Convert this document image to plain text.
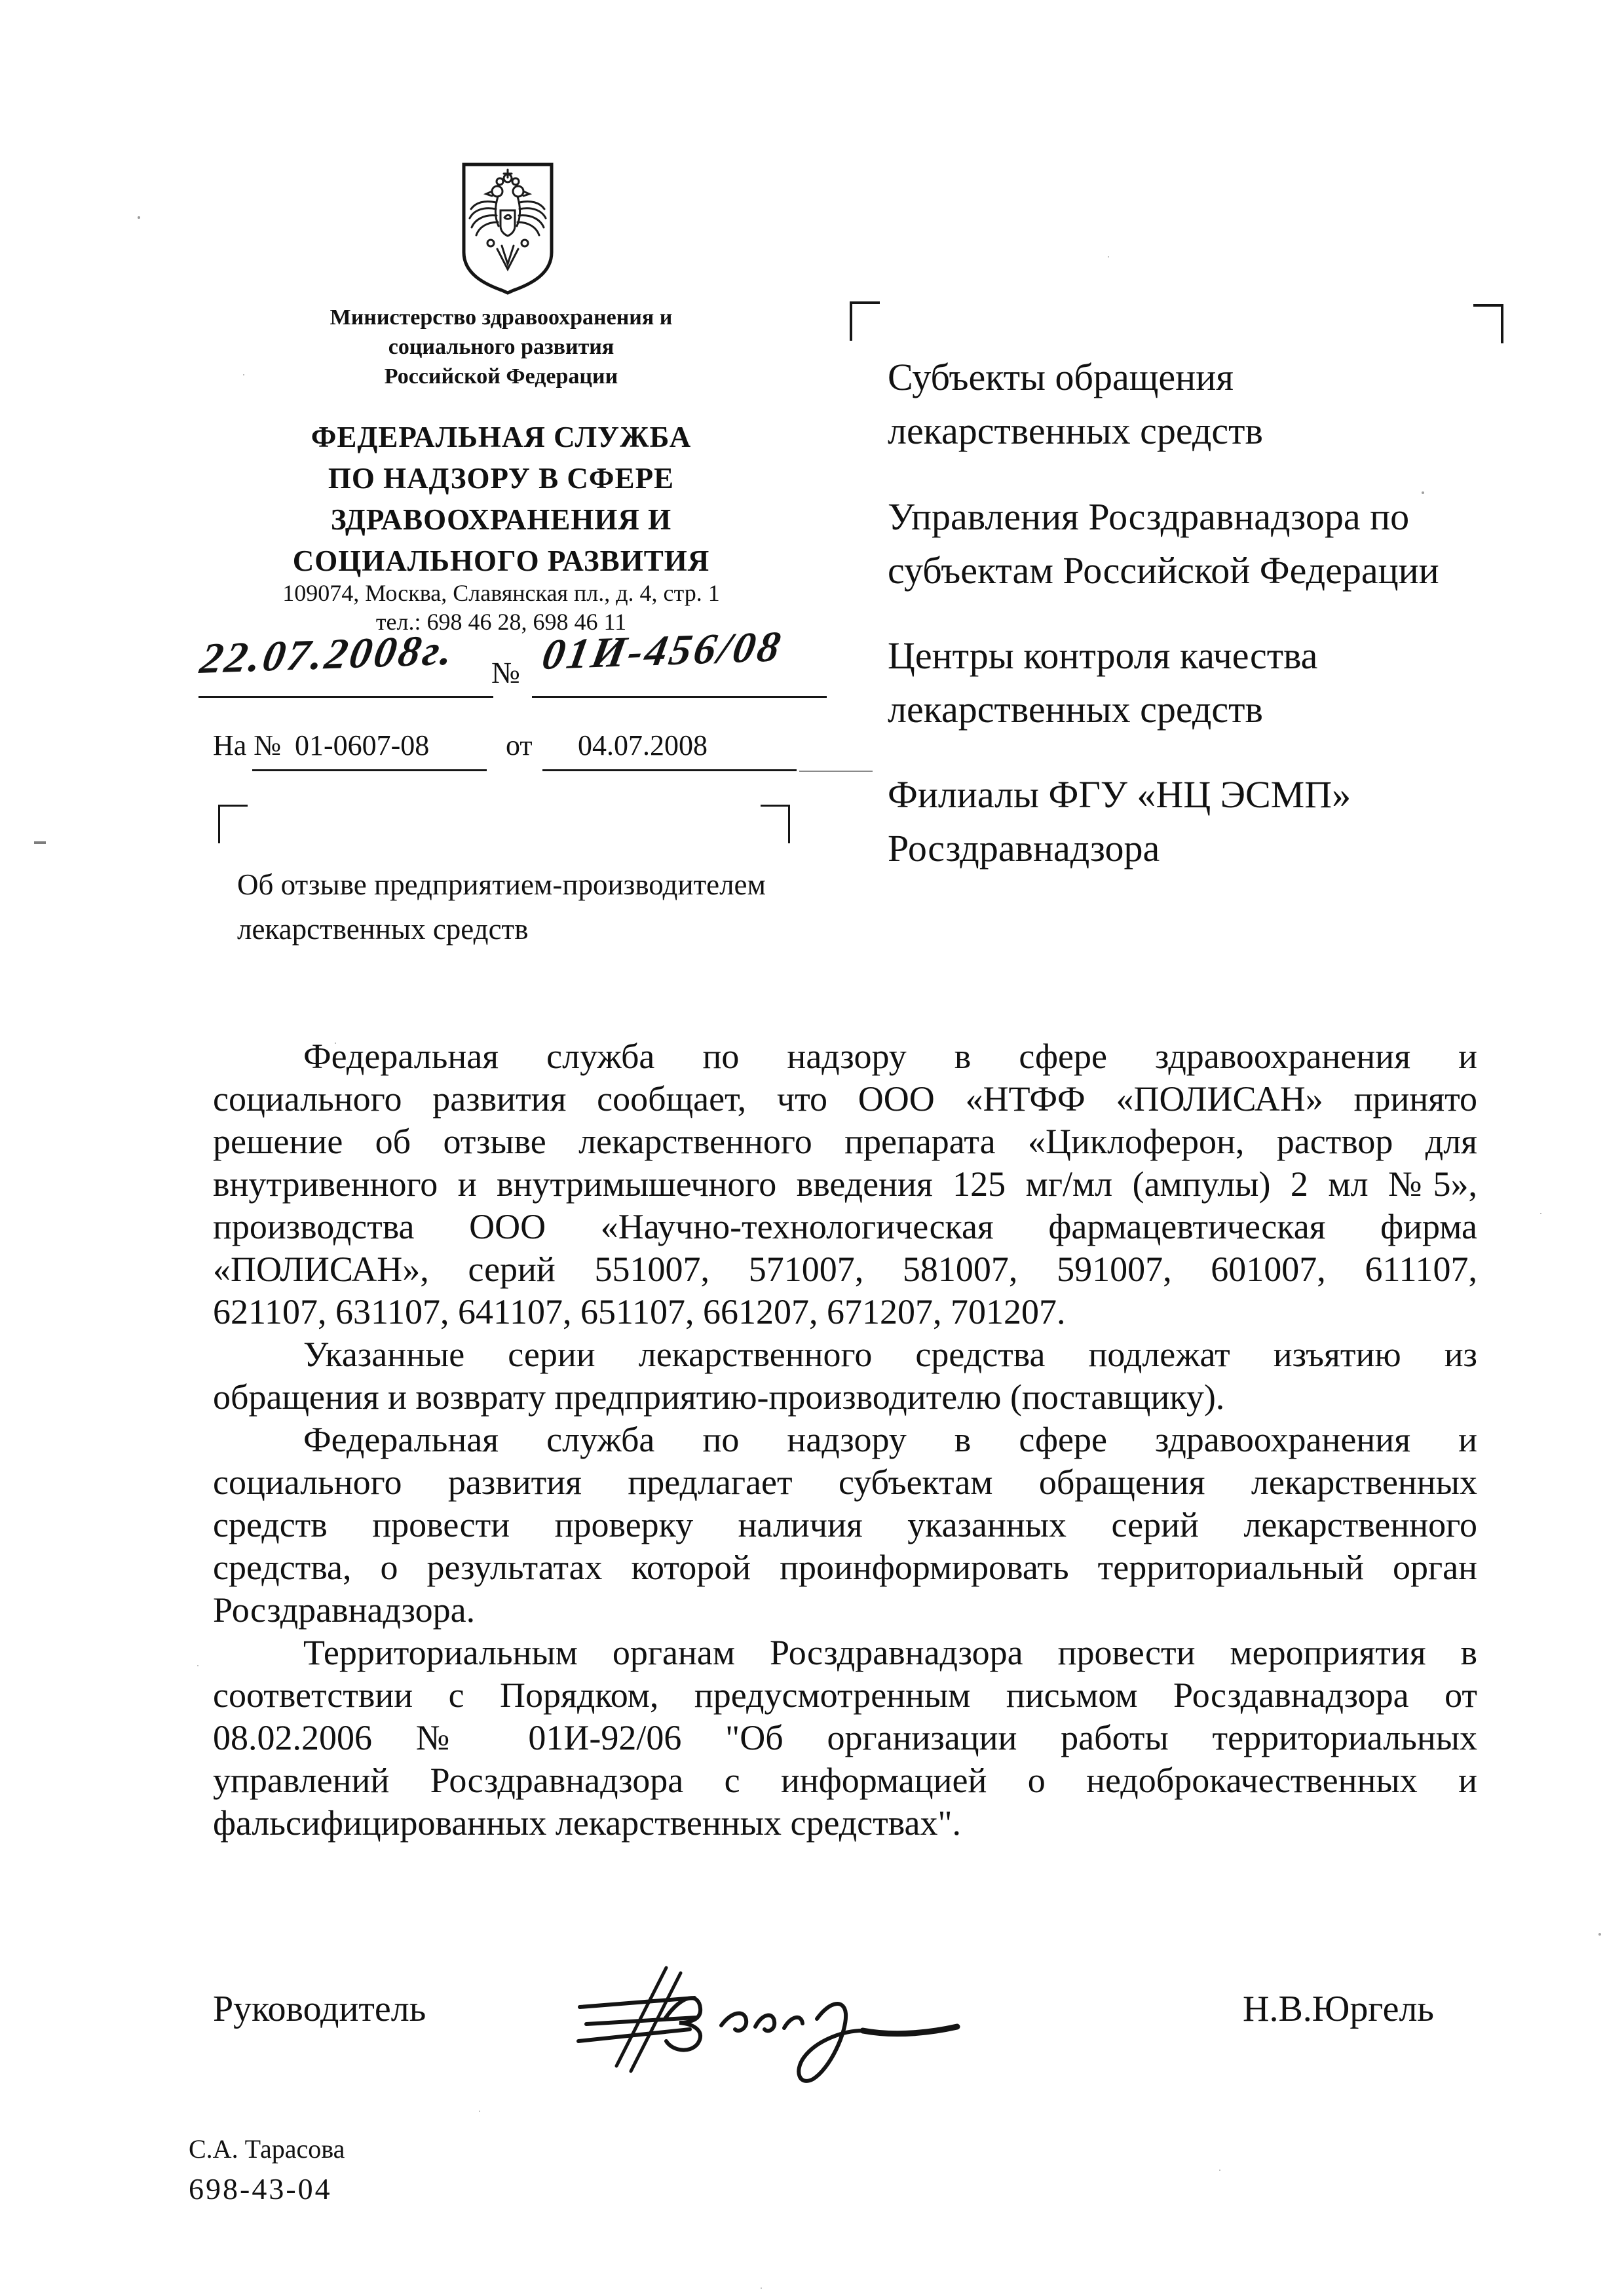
Министерство здравоохранения и
социального развития
Российской Федерации
ФЕДЕРАЛЬНАЯ СЛУЖБА
ПО НАДЗОРУ В СФЕРЕ
ЗДРАВООХРАНЕНИЯ И
СОЦИАЛЬНОГО РАЗВИТИЯ
109074, Москва, Славянская пл., д. 4, стр. 1
тел.: 698 46 28, 698 46 11
22.07.2008г. № 01И-456/08
На № 01-0607-08	от 04.07.2008
Об отзыве предприятием-производителем
лекарственных средств
Субъекты обращения
лекарственных средств
Управления Росздравнадзора по
субъектам Российской Федерации
Центры контроля качества
лекарственных средств
Филиалы ФГУ «НЦ ЭСМП»
Росздравнадзора
Федеральная служба по надзору в сфере здравоохранения и
социального развития сообщает, что ООО «НТФФ «ПОЛИСАН» принято
решение об отзыве лекарственного препарата «Циклоферон, раствор для
внутривенного и внутримышечного введения 125 мг/мл (ампулы) 2 мл №5»,
производства ООО «Научно-технологическая фармацевтическая фирма
«ПОЛИСАН», серий 551007, 571007, 581007, 591007, 601007, 611107,
621107, 631107, 641107, 651107, 661207, 671207, 701207.
Указанные серии лекарственного средства подлежат изъятию из
обращения и возврату предприятию-производителю (поставщику).
Федеральная служба по надзору в сфере здравоохранения и
социального развития предлагает субъектам обращения лекарственных
средств провести проверку наличия указанных серий лекарственного
средства, о результатах которой проинформировать территориальный орган
Росздравнадзора.
Территориальным органам Росздравнадзора провести мероприятия в
соответствии с Порядком, предусмотренным письмом Росздавнадзора от
08.02.2006 № 01И-92/06 "Об организации работы территориальных
управлений Росздравнадзора с информацией о недоброкачественных и
фальсифицированных лекарственных средствах".
Руководитель	Н.В.Юргель
С.А. Тарасова
698-43-04
